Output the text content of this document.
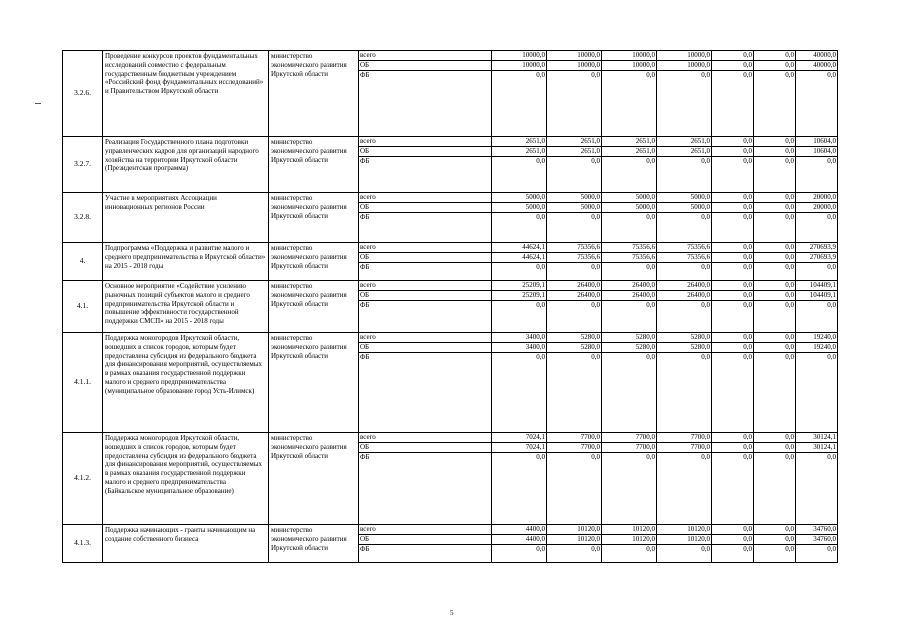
3.2.6.	Проведение конкурсов проектов фундаментальных исследований совместно с федеральным государственным бюджетным учреждением «Российский фонд фундаментальных исследований» и Правительством Иркутской области	министерство экономического развития Иркутской области	всего	10000,0	10000,0	10000,0	10000,0	0,0	0,0	40000,0
			ОБ	10000,0	10000,0	10000,0	10000,0	0,0	0,0	40000,0
			ФБ	0,0	0,0	0,0	0,0	0,0	0,0	0,0
3.2.7.	Реализация Государственного плана подготовки управленческих кадров для организаций народного хозяйства на территории Иркутской области (Президентская программа)	министерство экономического развития Иркутской области	всего	2651,0	2651,0	2651,0	2651,0	0,0	0,0	10604,0
			ОБ	2651,0	2651,0	2651,0	2651,0	0,0	0,0	10604,0
			ФБ	0,0	0,0	0,0	0,0	0,0	0,0	0,0
3.2.8.	Участие в мероприятиях Ассоциации инновационных регионов России	министерство экономического развития Иркутской области	всего	5000,0	5000,0	5000,0	5000,0	0,0	0,0	20000,0
			ОБ	5000,0	5000,0	5000,0	5000,0	0,0	0,0	20000,0
			ФБ	0,0	0,0	0,0	0,0	0,0	0,0	0,0
4.	Подпрограмма «Поддержка и развитие малого и среднего предпринимательства в Иркутской области» на 2015 - 2018 годы	министерство экономического развития Иркутской области	всего	44624,1	75356,6	75356,6	75356,6	0,0	0,0	270693,9
			ОБ	44624,1	75356,6	75356,6	75356,6	0,0	0,0	270693,9
			ФБ	0,0	0,0	0,0	0,0	0,0	0,0	0,0
4.1.	Основное мероприятие «Содействие усилению рыночных позиций субъектов малого и среднего предпринимательства Иркутской области и повышение эффективности государственной поддержки СМСП» на 2015 - 2018 годы	министерство экономического развития Иркутской области	всего	25209,1	26400,0	26400,0	26400,0	0,0	0,0	104409,1
			ОБ	25209,1	26400,0	26400,0	26400,0	0,0	0,0	104409,1
			ФБ	0,0	0,0	0,0	0,0	0,0	0,0	0,0
4.1.1.	Поддержка моногородов Иркутской области, вошедших в список городов, которым будет предоставлена субсидия из федерального бюджета для финансирования мероприятий, осуществляемых в рамках оказания государственной поддержки малого и среднего предпринимательства (муниципальное образование город Усть-Илимск)	министерство экономического развития Иркутской области	всего	3400,0	5280,0	5280,0	5280,0	0,0	0,0	19240,0
			ОБ	3400,0	5280,0	5280,0	5280,0	0,0	0,0	19240,0
			ФБ	0,0	0,0	0,0	0,0	0,0	0,0	0,0
4.1.2.	Поддержка моногородов Иркутской области, вошедших в список городов, которым будет предоставлена субсидия из федерального бюджета для финансирования мероприятий, осуществляемых в рамках оказания государственной поддержки малого и среднего предпринимательства (Байкальское муниципальное образование)	министерство экономического развития Иркутской области	всего	7024,1	7700,0	7700,0	7700,0	0,0	0,0	30124,1
			ОБ	7024,1	7700,0	7700,0	7700,0	0,0	0,0	30124,1
			ФБ	0,0	0,0	0,0	0,0	0,0	0,0	0,0
4.1.3.	Поддержка начинающих - гранты начинающим на создание собственного бизнеса	министерство экономического развития Иркутской области	всего	4400,0	10120,0	10120,0	10120,0	0,0	0,0	34760,0
			ОБ	4400,0	10120,0	10120,0	10120,0	0,0	0,0	34760,0
			ФБ	0,0	0,0	0,0	0,0	0,0	0,0	0,0
5
